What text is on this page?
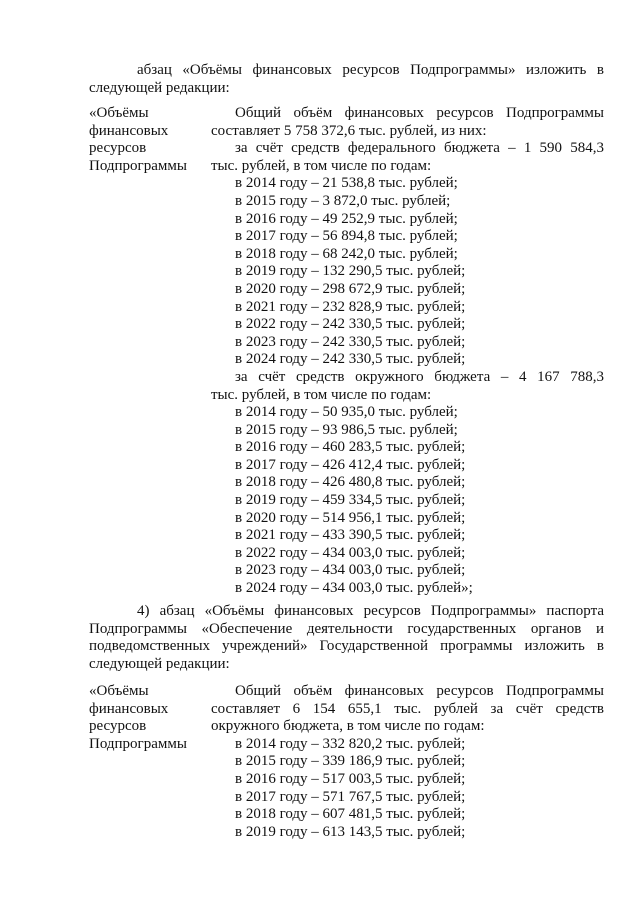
абзац «Объёмы финансовых ресурсов Подпрограммы» изложить в следующей редакции:
«Объёмы
финансовых
ресурсов
Подпрограммы
Общий объём финансовых ресурсов Подпрограммы
составляет 5 758 372,6 тыс. рублей, из них:
за счёт средств федерального бюджета – 1 590 584,3
тыс. рублей, в том числе по годам:
в 2014 году – 21 538,8 тыс. рублей;
в 2015 году – 3 872,0 тыс. рублей;
в 2016 году – 49 252,9 тыс. рублей;
в 2017 году – 56 894,8 тыс. рублей;
в 2018 году – 68 242,0 тыс. рублей;
в 2019 году – 132 290,5 тыс. рублей;
в 2020 году – 298 672,9 тыс. рублей;
в 2021 году – 232 828,9 тыс. рублей;
в 2022 году – 242 330,5 тыс. рублей;
в 2023 году – 242 330,5 тыс. рублей;
в 2024 году – 242 330,5 тыс. рублей;
за счёт средств окружного бюджета – 4 167 788,3
тыс. рублей, в том числе по годам:
в 2014 году – 50 935,0 тыс. рублей;
в 2015 году – 93 986,5 тыс. рублей;
в 2016 году – 460 283,5 тыс. рублей;
в 2017 году – 426 412,4 тыс. рублей;
в 2018 году – 426 480,8 тыс. рублей;
в 2019 году – 459 334,5 тыс. рублей;
в 2020 году – 514 956,1 тыс. рублей;
в 2021 году – 433 390,5 тыс. рублей;
в 2022 году – 434 003,0 тыс. рублей;
в 2023 году – 434 003,0 тыс. рублей;
в 2024 году – 434 003,0 тыс. рублей»;
4) абзац «Объёмы финансовых ресурсов Подпрограммы» паспорта Подпрограммы «Обеспечение деятельности государственных органов и подведомственных учреждений» Государственной программы изложить в следующей редакции:
«Объёмы
финансовых
ресурсов
Подпрограммы
Общий объём финансовых ресурсов Подпрограммы
составляет 6 154 655,1 тыс. рублей за счёт средств
окружного бюджета, в том числе по годам:
в 2014 году – 332 820,2 тыс. рублей;
в 2015 году – 339 186,9 тыс. рублей;
в 2016 году – 517 003,5 тыс. рублей;
в 2017 году – 571 767,5 тыс. рублей;
в 2018 году – 607 481,5 тыс. рублей;
в 2019 году – 613 143,5 тыс. рублей;
